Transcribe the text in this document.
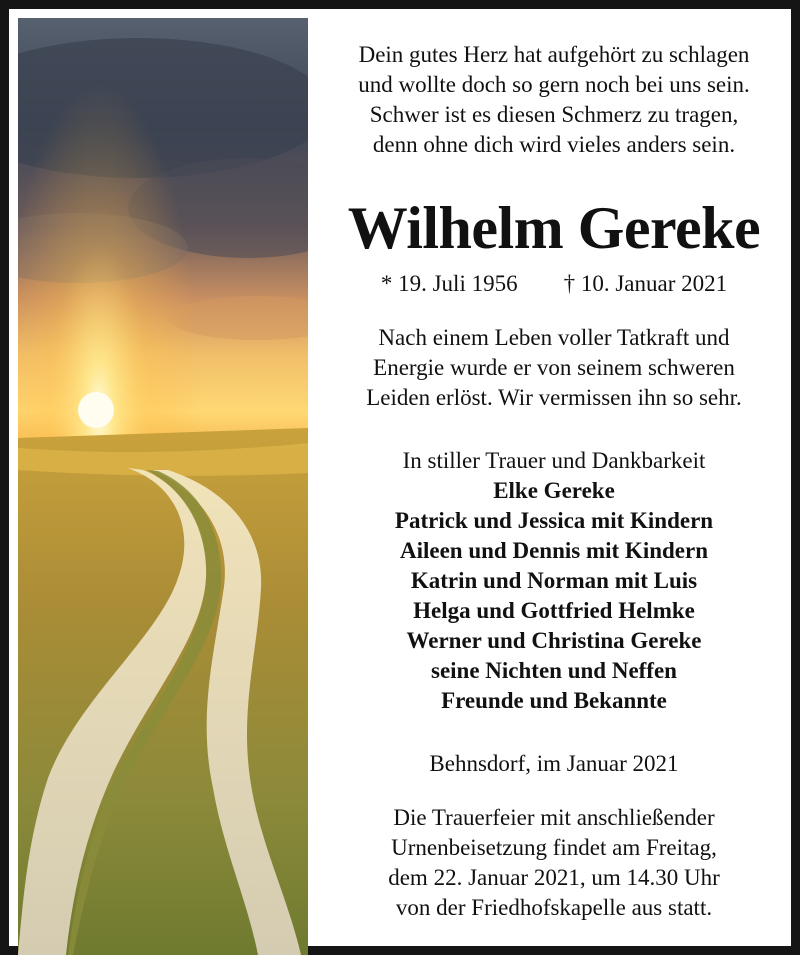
Dein gutes Herz hat aufgehört zu schlagen
und wollte doch so gern noch bei uns sein.
Schwer ist es diesen Schmerz zu tragen,
denn ohne dich wird vieles anders sein.
Wilhelm Gereke
* 19. Juli 1956 † 10. Januar 2021
Nach einem Leben voller Tatkraft und
Energie wurde er von seinem schweren
Leiden erlöst. Wir vermissen ihn so sehr.
In stiller Trauer und Dankbarkeit
Elke Gereke
Patrick und Jessica mit Kindern
Aileen und Dennis mit Kindern
Katrin und Norman mit Luis
Helga und Gottfried Helmke
Werner und Christina Gereke
seine Nichten und Neffen
Freunde und Bekannte
Behnsdorf, im Januar 2021
Die Trauerfeier mit anschließender
Urnenbeisetzung findet am Freitag,
dem 22. Januar 2021, um 14.30 Uhr
von der Friedhofskapelle aus statt.
